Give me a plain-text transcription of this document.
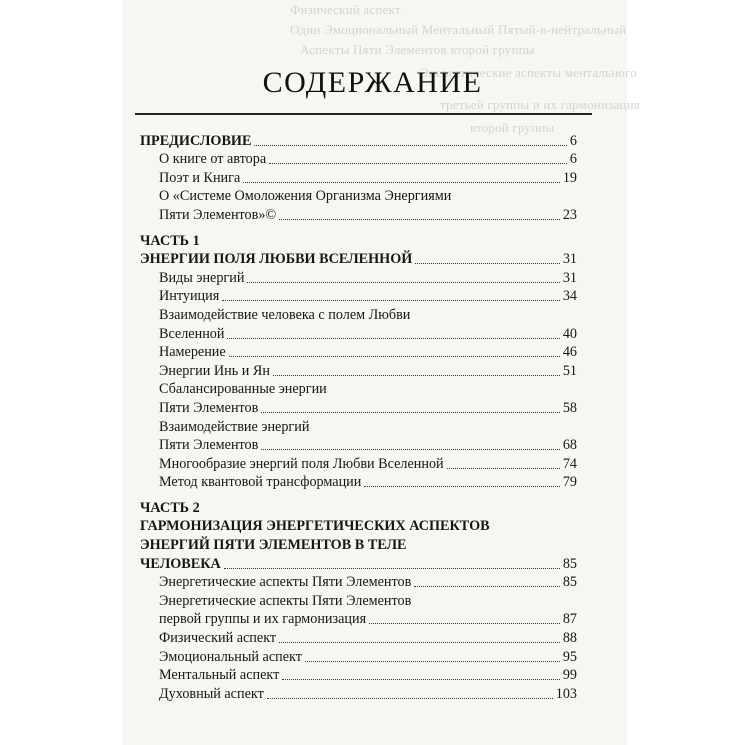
Физический аспект
Один Эмоциональный Ментальный Пятый-в-нейтральный
Аспекты Пяти Элементов второй группы
Энергетические аспекты ментального
третьей группы и их гармонизация
второй группы
СОДЕРЖАНИЕ
ПРЕДИСЛОВИЕ	6
О книге от автора	6
Поэт и Книга	19
О «Системе Омоложения Организма Энергиями
Пяти Элементов»©	23
ЧАСТЬ 1
ЭНЕРГИИ ПОЛЯ ЛЮБВИ ВСЕЛЕННОЙ	31
Виды энергий	31
Интуиция	34
Взаимодействие человека с полем Любви
Вселенной	40
Намерение	46
Энергии Инь и Ян	51
Сбалансированные энергии
Пяти Элементов	58
Взаимодействие энергий
Пяти Элементов	68
Многообразие энергий поля Любви Вселенной	74
Метод квантовой трансформации	79
ЧАСТЬ 2
ГАРМОНИЗАЦИЯ ЭНЕРГЕТИЧЕСКИХ АСПЕКТОВ
ЭНЕРГИЙ ПЯТИ ЭЛЕМЕНТОВ В ТЕЛЕ
ЧЕЛОВЕКА	85
Энергетические аспекты Пяти Элементов	85
Энергетические аспекты Пяти Элементов
первой группы и их гармонизация	87
Физический аспект	88
Эмоциональный аспект	95
Ментальный аспект	99
Духовный аспект	103
